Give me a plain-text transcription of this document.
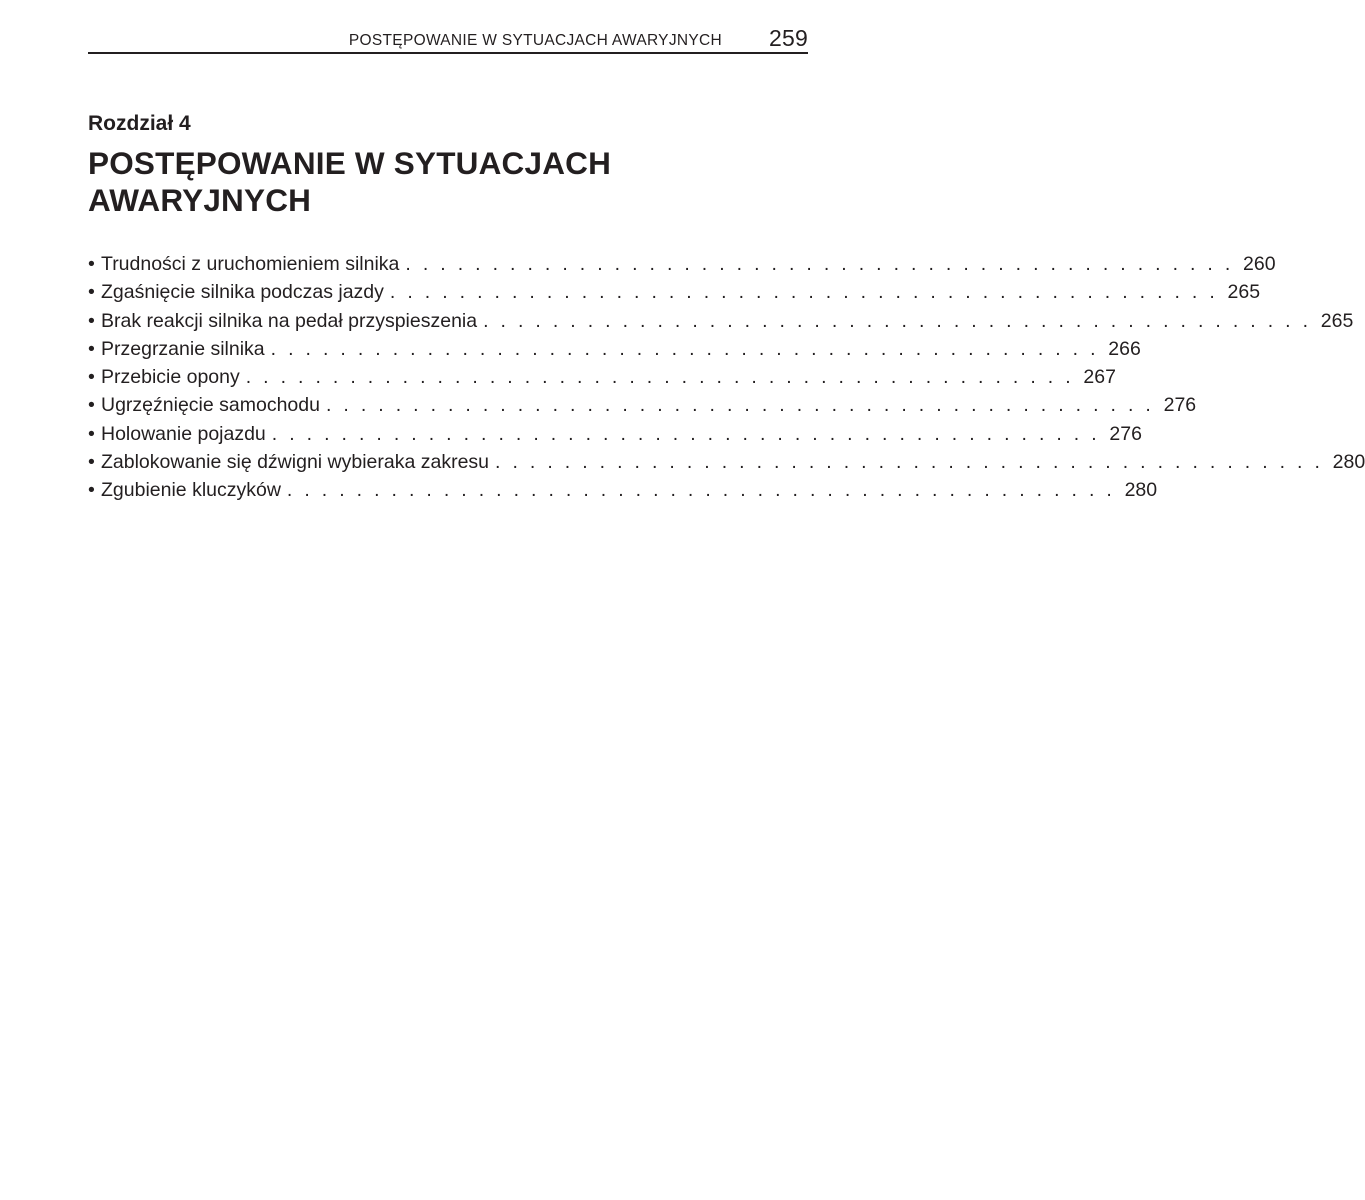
POSTĘPOWANIE W SYTUACJACH AWARYJNYCH 259
Rozdział 4
POSTĘPOWANIE W SYTUACJACH
AWARYJNYCH
• Trudności z uruchomieniem silnika . . . . . . . . . . . . . . . . . . . . . . . . . . . . . . . . . . . . . . . . . . . . . . . . 260
• Zgaśnięcie silnika podczas jazdy . . . . . . . . . . . . . . . . . . . . . . . . . . . . . . . . . . . . . . . . . . . . . . . . 265
• Brak reakcji silnika na pedał przyspieszenia . . . . . . . . . . . . . . . . . . . . . . . . . . . . . . . . . . . . . . . . . . . . . . . . 265
• Przegrzanie silnika . . . . . . . . . . . . . . . . . . . . . . . . . . . . . . . . . . . . . . . . . . . . . . . . 266
• Przebicie opony . . . . . . . . . . . . . . . . . . . . . . . . . . . . . . . . . . . . . . . . . . . . . . . . 267
• Ugrzęźnięcie samochodu . . . . . . . . . . . . . . . . . . . . . . . . . . . . . . . . . . . . . . . . . . . . . . . . 276
• Holowanie pojazdu . . . . . . . . . . . . . . . . . . . . . . . . . . . . . . . . . . . . . . . . . . . . . . . . 276
• Zablokowanie się dźwigni wybieraka zakresu . . . . . . . . . . . . . . . . . . . . . . . . . . . . . . . . . . . . . . . . . . . . . . . . 280
• Zgubienie kluczyków . . . . . . . . . . . . . . . . . . . . . . . . . . . . . . . . . . . . . . . . . . . . . . . . 280
